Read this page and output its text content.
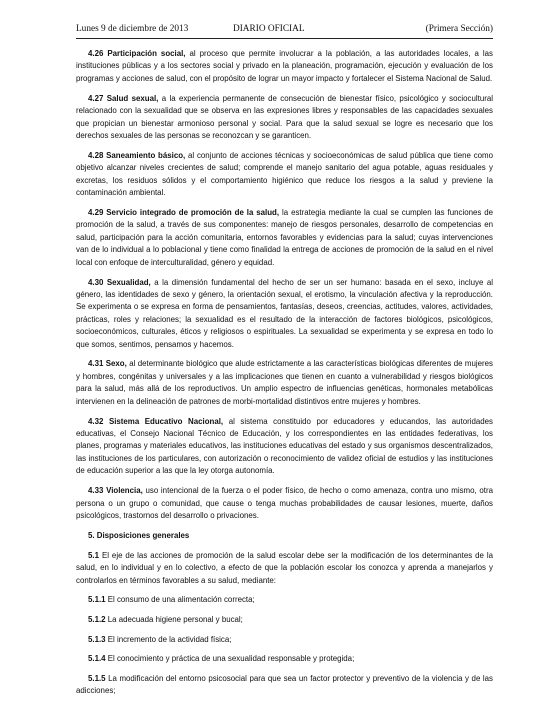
Lunes 9 de diciembre de 2013	DIARIO OFICIAL	(Primera Sección)

4.26 Participación social, al proceso que permite involucrar a la población, a las autoridades locales, a las instituciones públicas y a los sectores social y privado en la planeación, programación, ejecución y evaluación de los programas y acciones de salud, con el propósito de lograr un mayor impacto y fortalecer el Sistema Nacional de Salud.

4.27 Salud sexual, a la experiencia permanente de consecución de bienestar físico, psicológico y sociocultural relacionado con la sexualidad que se observa en las expresiones libres y responsables de las capacidades sexuales que propician un bienestar armonioso personal y social. Para que la salud sexual se logre es necesario que los derechos sexuales de las personas se reconozcan y se garanticen.

4.28 Saneamiento básico, al conjunto de acciones técnicas y socioeconómicas de salud pública que tiene como objetivo alcanzar niveles crecientes de salud; comprende el manejo sanitario del agua potable, aguas residuales y excretas, los residuos sólidos y el comportamiento higiénico que reduce los riesgos a la salud y previene la contaminación ambiental.

4.29 Servicio integrado de promoción de la salud, la estrategia mediante la cual se cumplen las funciones de promoción de la salud, a través de sus componentes: manejo de riesgos personales, desarrollo de competencias en salud, participación para la acción comunitaria, entornos favorables y evidencias para la salud; cuyas intervenciones van de lo individual a lo poblacional y tiene como finalidad la entrega de acciones de promoción de la salud en el nivel local con enfoque de interculturalidad, género y equidad.

4.30 Sexualidad, a la dimensión fundamental del hecho de ser un ser humano: basada en el sexo, incluye al género, las identidades de sexo y género, la orientación sexual, el erotismo, la vinculación afectiva y la reproducción. Se experimenta o se expresa en forma de pensamientos, fantasías, deseos, creencias, actitudes, valores, actividades, prácticas, roles y relaciones; la sexualidad es el resultado de la interacción de factores biológicos, psicológicos, socioeconómicos, culturales, éticos y religiosos o espirituales. La sexualidad se experimenta y se expresa en todo lo que somos, sentimos, pensamos y hacemos.

4.31 Sexo, al determinante biológico que alude estrictamente a las características biológicas diferentes de mujeres y hombres, congénitas y universales y a las implicaciones que tienen en cuanto a vulnerabilidad y riesgos biológicos para la salud, más allá de los reproductivos. Un amplio espectro de influencias genéticas, hormonales metabólicas intervienen en la delineación de patrones de morbi-mortalidad distintivos entre mujeres y hombres.

4.32 Sistema Educativo Nacional, al sistema constituido por educadores y educandos, las autoridades educativas, el Consejo Nacional Técnico de Educación, y los correspondientes en las entidades federativas, los planes, programas y materiales educativos, las instituciones educativas del estado y sus organismos descentralizados, las instituciones de los particulares, con autorización o reconocimiento de validez oficial de estudios y las instituciones de educación superior a las que la ley otorga autonomía.

4.33 Violencia, uso intencional de la fuerza o el poder físico, de hecho o como amenaza, contra uno mismo, otra persona o un grupo o comunidad, que cause o tenga muchas probabilidades de causar lesiones, muerte, daños psicológicos, trastornos del desarrollo o privaciones.

5. Disposiciones generales

5.1 El eje de las acciones de promoción de la salud escolar debe ser la modificación de los determinantes de la salud, en lo individual y en lo colectivo, a efecto de que la población escolar los conozca y aprenda a manejarlos y controlarlos en términos favorables a su salud, mediante:

5.1.1 El consumo de una alimentación correcta;

5.1.2 La adecuada higiene personal y bucal;

5.1.3 El incremento de la actividad física;

5.1.4 El conocimiento y práctica de una sexualidad responsable y protegida;

5.1.5 La modificación del entorno psicosocial para que sea un factor protector y preventivo de la violencia y de las adicciones;
